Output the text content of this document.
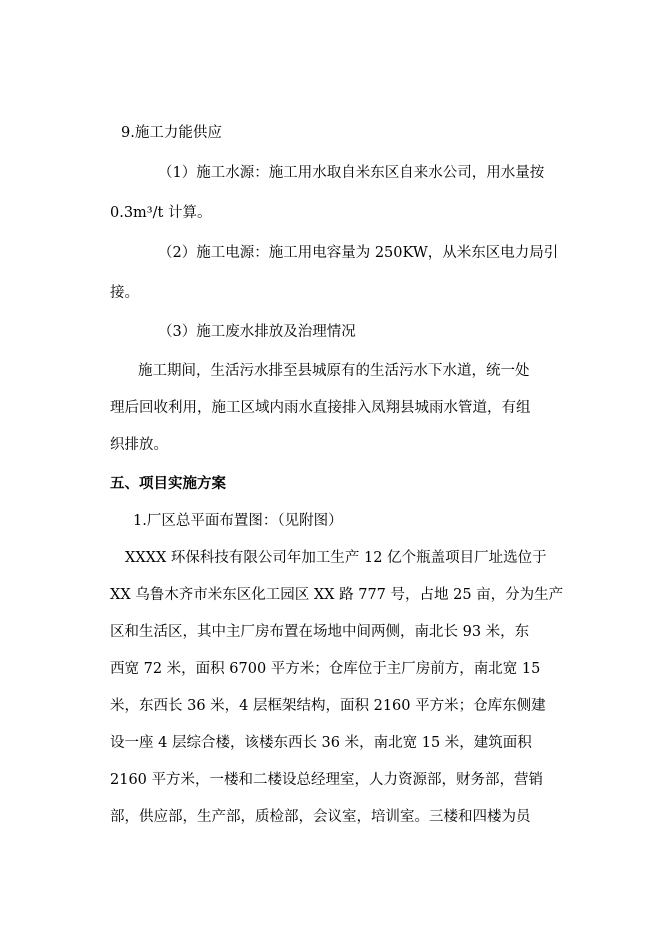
9.施工力能供应
（1）施工水源：施工用水取自米东区自来水公司，用水量按
0.3m³/t 计算。
（2）施工电源：施工用电容量为 250KW，从米东区电力局引
接。
（3）施工废水排放及治理情况
施工期间，生活污水排至县城原有的生活污水下水道，统一处
理后回收利用，施工区域内雨水直接排入凤翔县城雨水管道，有组
织排放。
五、项目实施方案
1.厂区总平面布置图：（见附图）
XXXX 环保科技有限公司年加工生产 12 亿个瓶盖项目厂址选位于
XX 乌鲁木齐市米东区化工园区 XX 路 777 号，占地 25 亩，分为生产
区和生活区，其中主厂房布置在场地中间两侧，南北长 93 米，东
西宽 72 米，面积 6700 平方米；仓库位于主厂房前方，南北宽 15
米，东西长 36 米，4 层框架结构，面积 2160 平方米；仓库东侧建
设一座 4 层综合楼，该楼东西长 36 米，南北宽 15 米，建筑面积
2160 平方米，一楼和二楼设总经理室，人力资源部，财务部，营销
部，供应部，生产部，质检部，会议室，培训室。三楼和四楼为员
